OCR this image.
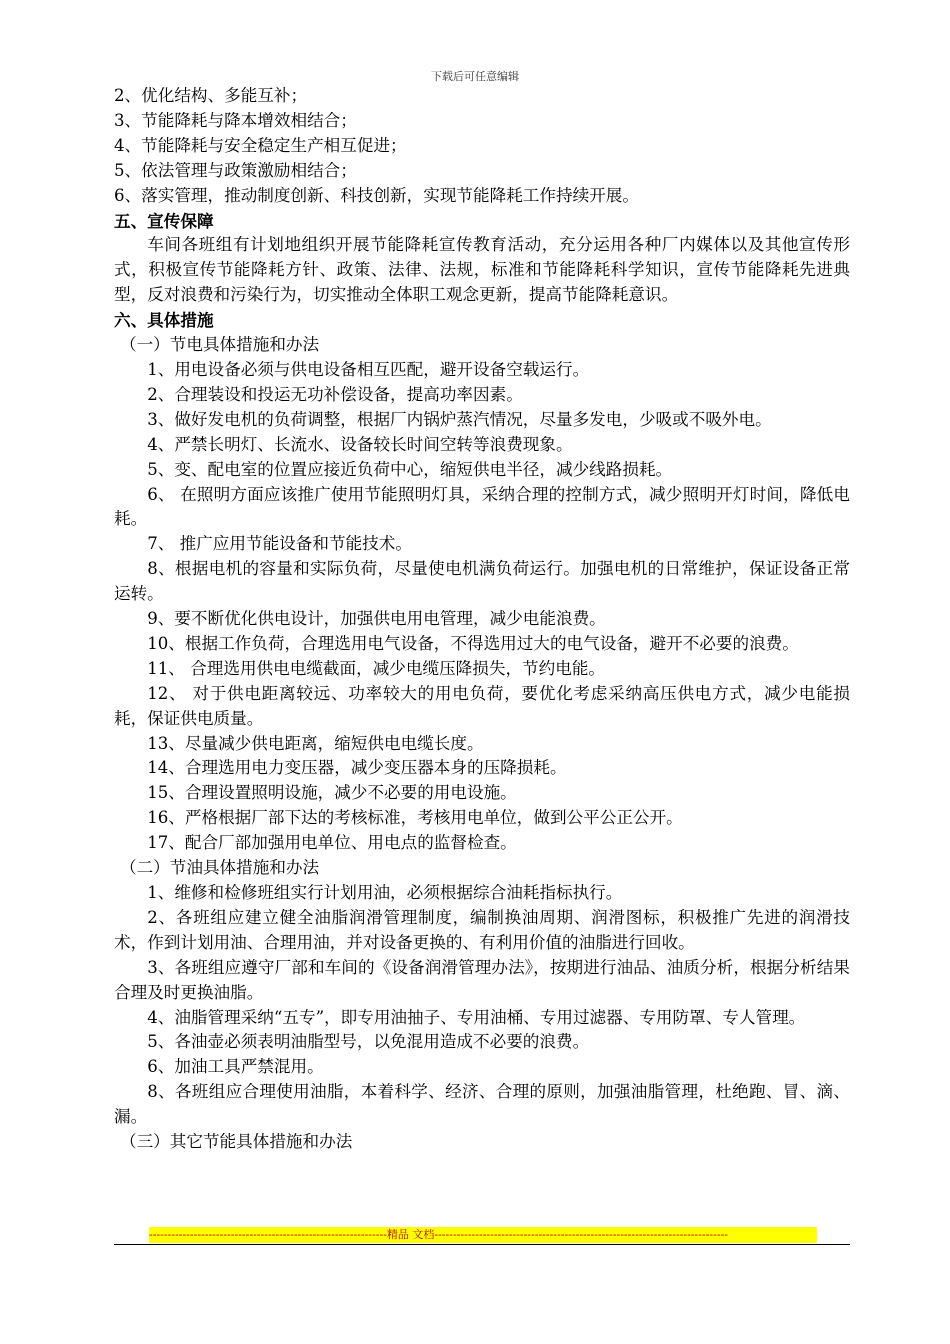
下载后可任意编辑
2、优化结构、多能互补；
3、节能降耗与降本增效相结合；
4、节能降耗与安全稳定生产相互促进；
5、依法管理与政策激励相结合；
6、落实管理，推动制度创新、科技创新，实现节能降耗工作持续开展。
五、宣传保障
车间各班组有计划地组织开展节能降耗宣传教育活动，充分运用各种厂内媒体以及其他宣传形式，积极宣传节能降耗方针、政策、法律、法规，标准和节能降耗科学知识，宣传节能降耗先进典型，反对浪费和污染行为，切实推动全体职工观念更新，提高节能降耗意识。
六、具体措施
（一）节电具体措施和办法
1、用电设备必须与供电设备相互匹配，避开设备空载运行。
2、合理装设和投运无功补偿设备，提高功率因素。
3、做好发电机的负荷调整，根据厂内锅炉蒸汽情况，尽量多发电，少吸或不吸外电。
4、严禁长明灯、长流水、设备较长时间空转等浪费现象。
5、变、配电室的位置应接近负荷中心，缩短供电半径，减少线路损耗。
6、 在照明方面应该推广使用节能照明灯具，采纳合理的控制方式，减少照明开灯时间，降低电耗。
7、 推广应用节能设备和节能技术。
8、根据电机的容量和实际负荷，尽量使电机满负荷运行。加强电机的日常维护，保证设备正常运转。
9、要不断优化供电设计，加强供电用电管理，减少电能浪费。
10、根据工作负荷，合理选用电气设备，不得选用过大的电气设备，避开不必要的浪费。
11、 合理选用供电电缆截面，减少电缆压降损失，节约电能。
12、 对于供电距离较远、功率较大的用电负荷，要优化考虑采纳高压供电方式，减少电能损耗，保证供电质量。
13、尽量减少供电距离，缩短供电电缆长度。
14、合理选用电力变压器，减少变压器本身的压降损耗。
15、合理设置照明设施，减少不必要的用电设施。
16、严格根据厂部下达的考核标准，考核用电单位，做到公平公正公开。
17、配合厂部加强用电单位、用电点的监督检查。
（二）节油具体措施和办法
1、维修和检修班组实行计划用油，必须根据综合油耗指标执行。
2、各班组应建立健全油脂润滑管理制度，编制换油周期、润滑图标，积极推广先进的润滑技术，作到计划用油、合理用油，并对设备更换的、有利用价值的油脂进行回收。
3、各班组应遵守厂部和车间的《设备润滑管理办法》，按期进行油品、油质分析，根据分析结果合理及时更换油脂。
4、油脂管理采纳“五专”，即专用油抽子、专用油桶、专用过滤器、专用防罩、专人管理。
5、各油壶必须表明油脂型号，以免混用造成不必要的浪费。
6、加油工具严禁混用。
8、各班组应合理使用油脂，本着科学、经济、合理的原则，加强油脂管理，杜绝跑、冒、滴、漏。
（三）其它节能具体措施和办法
----------------------------------------------------------------精品 文档-------------------------------------------------------------------------------
